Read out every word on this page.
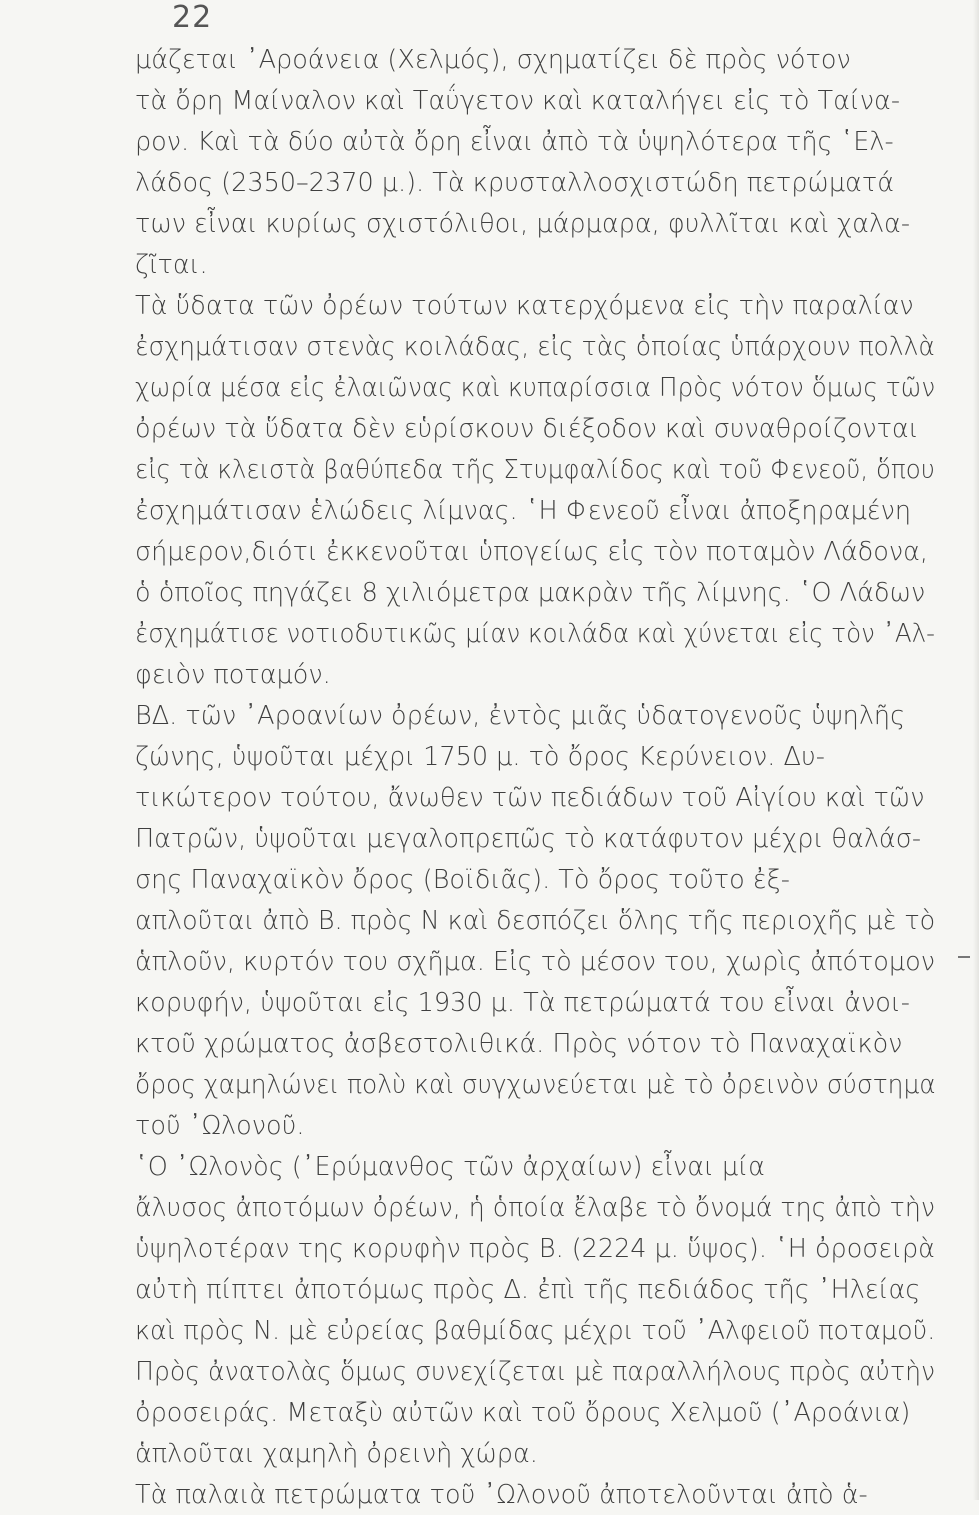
22
μάζεται ᾿Αροάνεια (Χελμός), σχηματίζει δὲ πρὸς νότον
τὰ ὄρη Μαίναλον καὶ Ταΰγετον καὶ καταλήγει εἰς τὸ Ταίνα-
ρον. Καὶ τὰ δύο αὐτὰ ὄρη εἶναι ἀπὸ τὰ ὑψηλότερα τῆς ῾Ελ-
λάδος (2350–2370 μ.). Τὰ κρυσταλλοσχιστώδη πετρώματά
των εἶναι κυρίως σχιστόλιθοι, μάρμαρα, φυλλῖται καὶ χαλα-
ζῖται.
Τὰ ὕδατα τῶν ὀρέων τούτων κατερχόμενα εἰς τὴν παραλίαν
ἐσχημάτισαν στενὰς κοιλάδας, εἰς τὰς ὁποίας ὑπάρχουν πολλὰ
χωρία μέσα εἰς ἐλαιῶνας καὶ κυπαρίσσια Πρὸς νότον ὅμως τῶν
ὀρέων τὰ ὕδατα δὲν εὑρίσκουν διέξοδον καὶ συναθροίζονται
εἰς τὰ κλειστὰ βαθύπεδα τῆς Στυμφαλίδος καὶ τοῦ Φενεοῦ, ὅπου
ἐσχημάτισαν ἑλώδεις λίμνας. ῾Η Φενεοῦ εἶναι ἀποξηραμένη
σήμερον,διότι ἐκκενοῦται ὑπογείως εἰς τὸν ποταμὸν Λάδονα,
ὁ ὁποῖος πηγάζει 8 χιλιόμετρα μακρὰν τῆς λίμνης. ῾Ο Λάδων
ἐσχημάτισε νοτιοδυτικῶς μίαν κοιλάδα καὶ χύνεται εἰς τὸν ᾿Αλ-
φειὸν ποταμόν.
ΒΔ. τῶν ᾿Αροανίων ὀρέων, ἐντὸς μιᾶς ὑδατογενοῦς ὑψηλῆς
ζώνης, ὑψοῦται μέχρι 1750 μ. τὸ ὄρος Κερύνειον. Δυ-
τικώτερον τούτου, ἄνωθεν τῶν πεδιάδων τοῦ Αἰγίου καὶ τῶν
Πατρῶν, ὑψοῦται μεγαλοπρεπῶς τὸ κατάφυτον μέχρι θαλάσ-
σης Παναχαϊκὸν ὄρος (Βοϊδιᾶς). Τὸ ὄρος τοῦτο ἐξ-
απλοῦται ἀπὸ Β. πρὸς Ν καὶ δεσπόζει ὅλης τῆς περιοχῆς μὲ τὸ
ἁπλοῦν, κυρτόν του σχῆμα. Εἰς τὸ μέσον του, χωρὶς ἀπότομον
κορυφήν, ὑψοῦται εἰς 1930 μ. Τὰ πετρώματά του εἶναι ἀνοι-
κτοῦ χρώματος ἀσβεστολιθικά. Πρὸς νότον τὸ Παναχαϊκὸν
ὄρος χαμηλώνει πολὺ καὶ συγχωνεύεται μὲ τὸ ὀρεινὸν σύστημα
τοῦ ᾿Ωλονοῦ.
῾Ο ᾿Ωλονὸς (᾿Ερύμανθος τῶν ἀρχαίων) εἶναι μία
ἄλυσος ἀποτόμων ὀρέων, ἡ ὁποία ἔλαβε τὸ ὄνομά της ἀπὸ τὴν
ὑψηλοτέραν της κορυφὴν πρὸς Β. (2224 μ. ὕψος). ῾Η ὀροσειρὰ
αὐτὴ πίπτει ἀποτόμως πρὸς Δ. ἐπὶ τῆς πεδιάδος τῆς ᾿Ηλείας
καὶ πρὸς Ν. μὲ εὐρείας βαθμίδας μέχρι τοῦ ᾿Αλφειοῦ ποταμοῦ.
Πρὸς ἀνατολὰς ὅμως συνεχίζεται μὲ παραλλήλους πρὸς αὐτὴν
ὀροσειράς. Μεταξὺ αὐτῶν καὶ τοῦ ὄρους Χελμοῦ (᾿Αροάνια)
ἁπλοῦται χαμηλὴ ὀρεινὴ χώρα.
Τὰ παλαιὰ πετρώματα τοῦ ᾿Ωλονοῦ ἀποτελοῦνται ἀπὸ ἁ-
